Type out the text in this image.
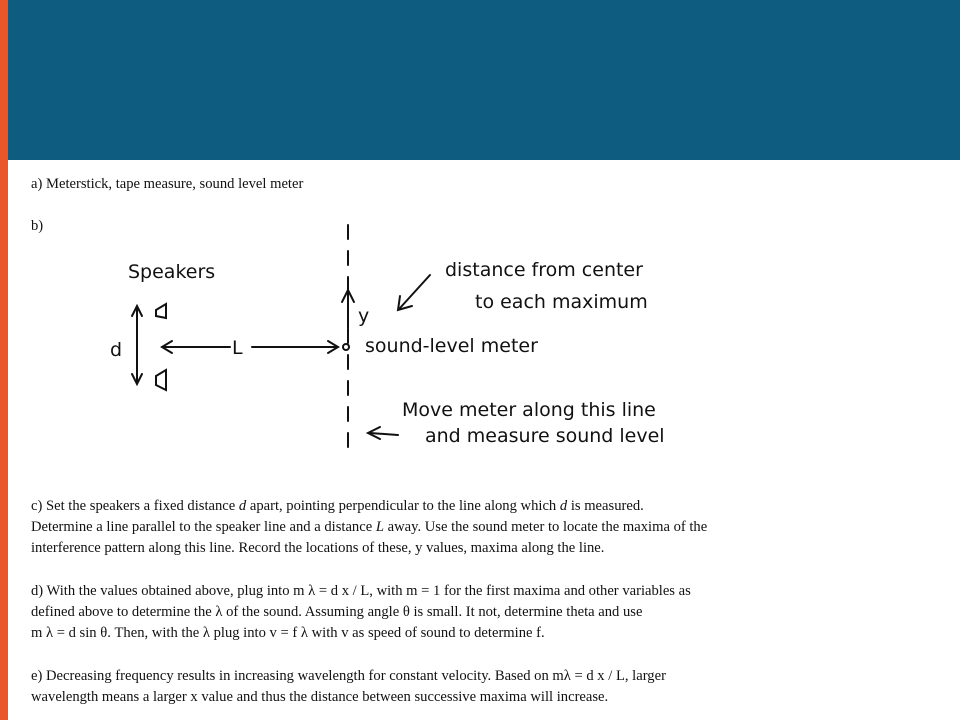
a) Meterstick, tape measure, sound level meter
b)
Speakers
d	L
y
distance from center
to each maximum
sound-level meter
Move meter along this line
and measure sound level
c) Set the speakers a fixed distance d apart, pointing perpendicular to the line along which d is measured.
Determine a line parallel to the speaker line and a distance L away. Use the sound meter to locate the maxima of the
interference pattern along this line. Record the locations of these, y values, maxima along the line.
d) With the values obtained above, plug into m λ = d x / L, with m = 1 for the first maxima and other variables as
defined above to determine the λ of the sound. Assuming angle θ is small. It not, determine theta and use
m λ = d sin θ. Then, with the λ plug into v = f λ with v as speed of sound to determine f.
e) Decreasing frequency results in increasing wavelength for constant velocity. Based on mλ = d x / L, larger
wavelength means a larger x value and thus the distance between successive maxima will increase.
